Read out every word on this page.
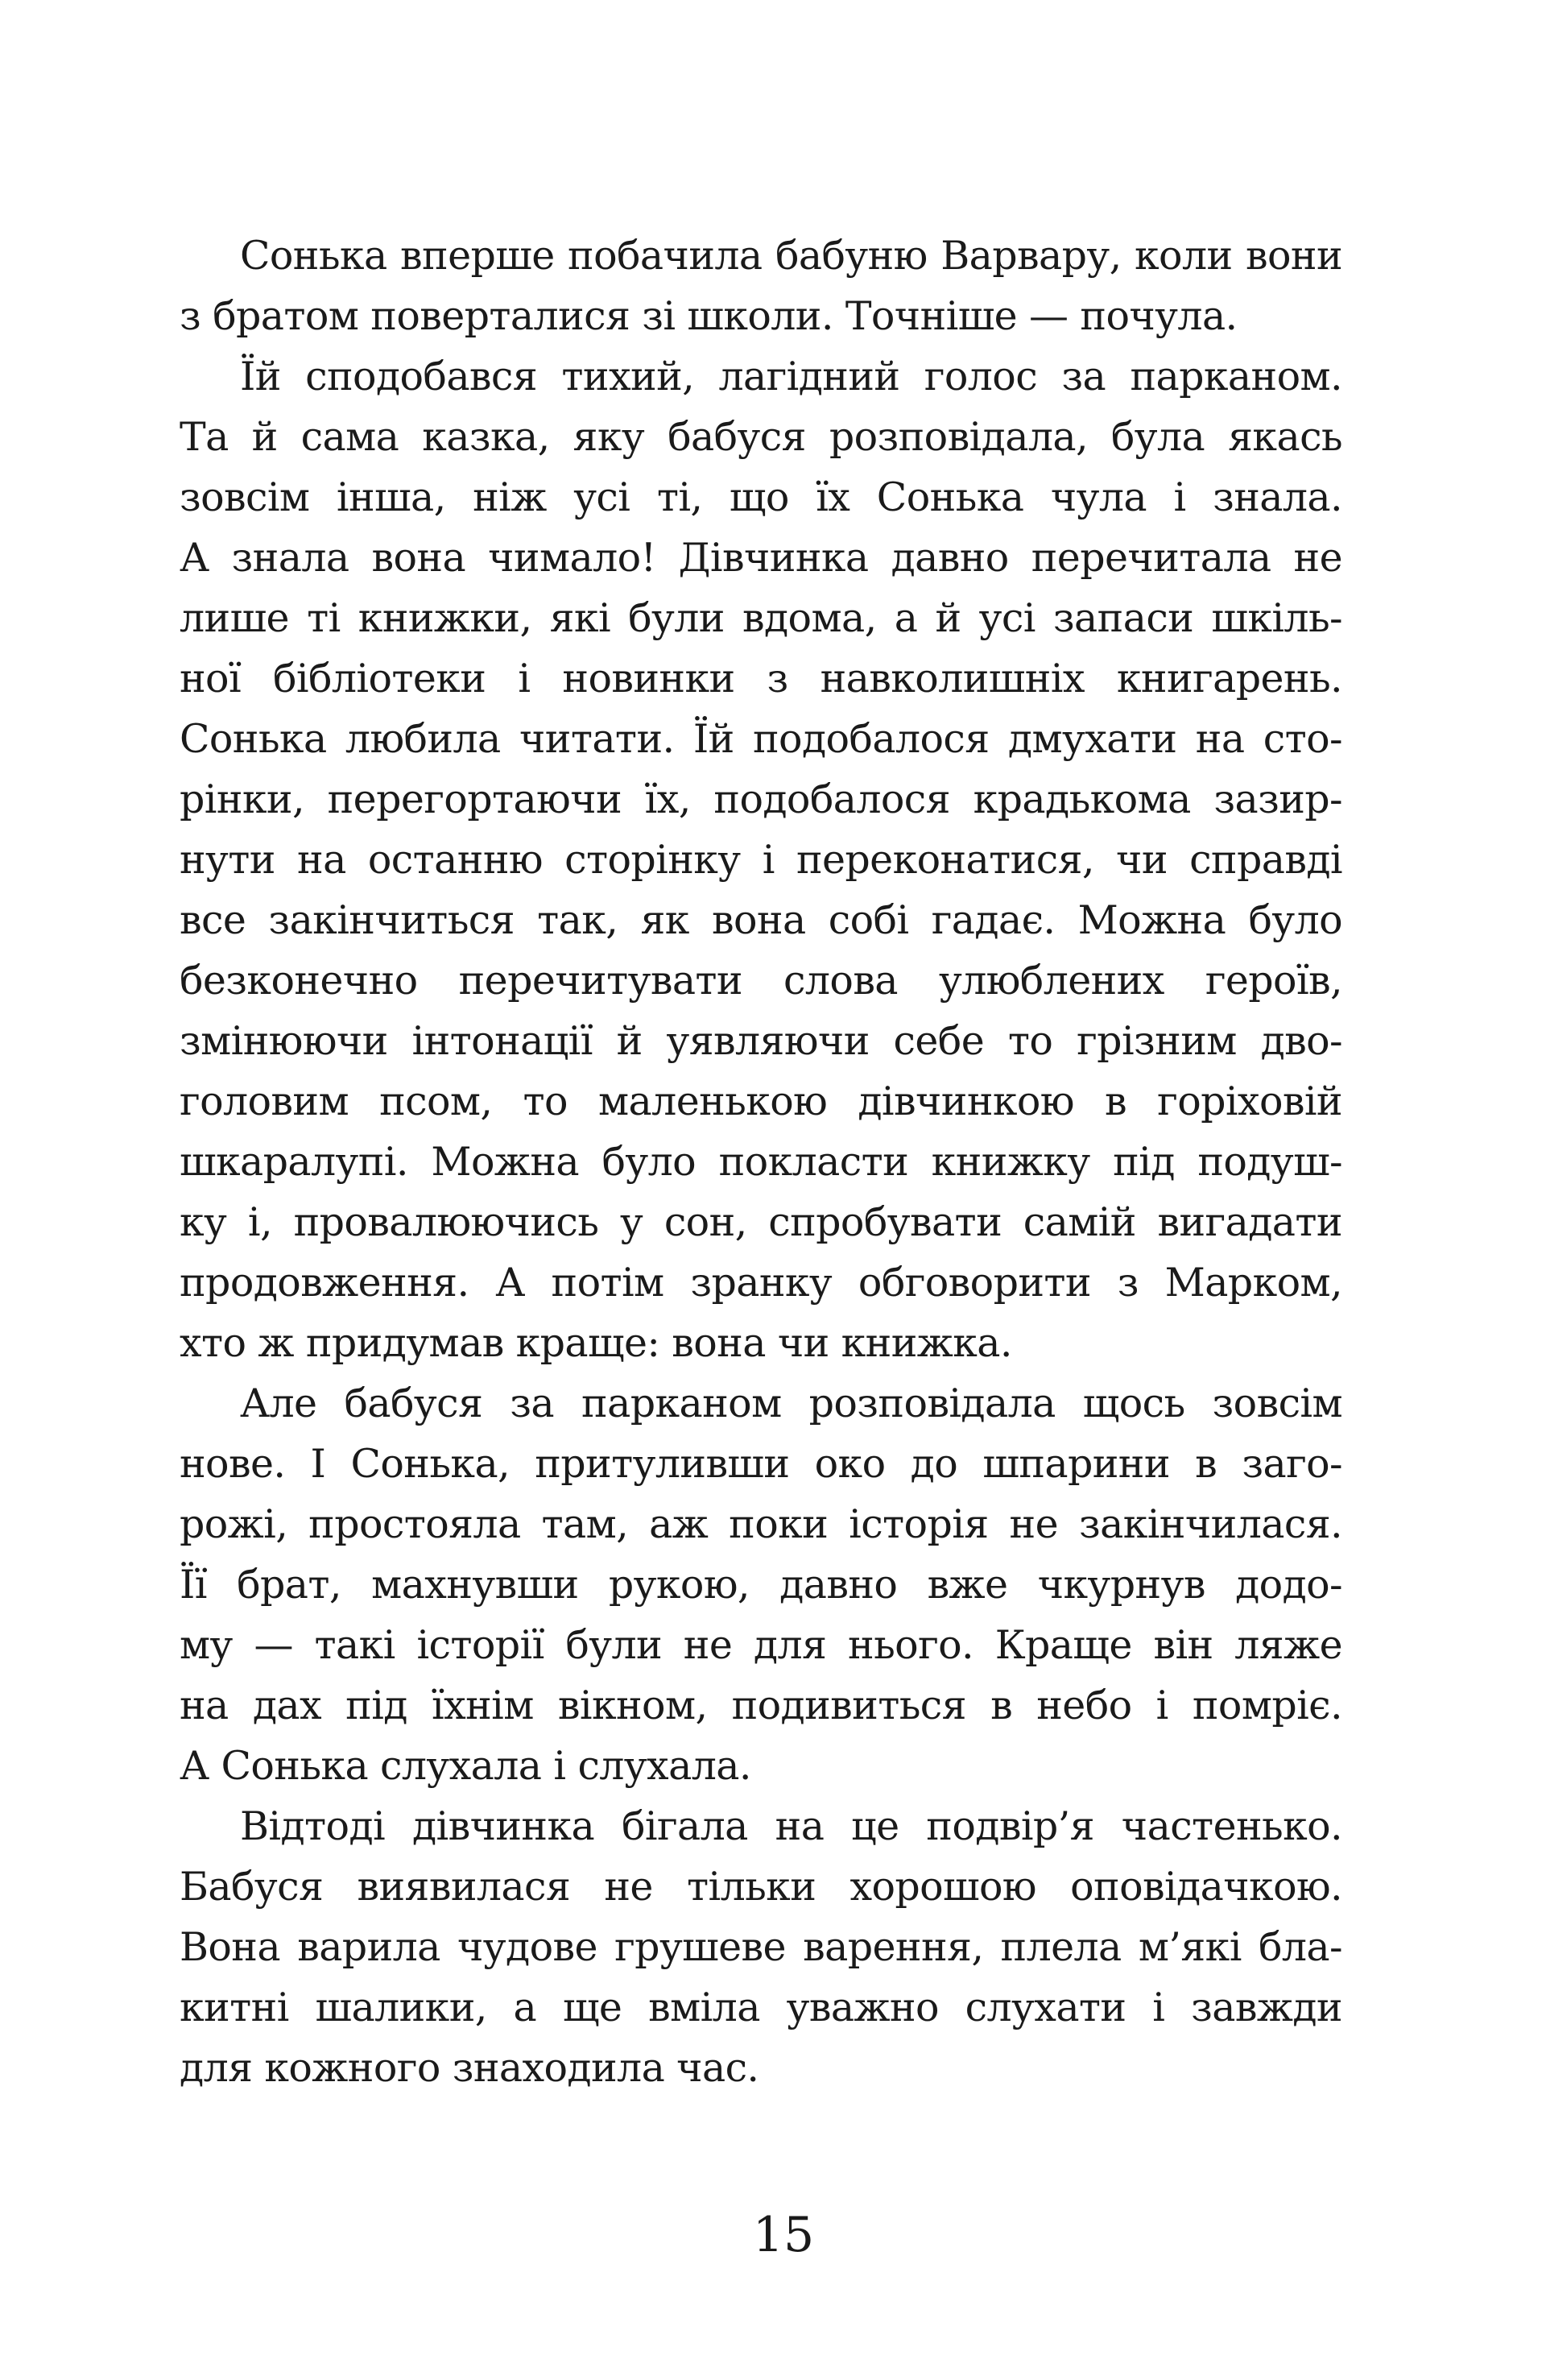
Сонька вперше побачила бабуню Варвару, коли вони
з братом поверталися зі школи. Точніше — почула.

Їй сподобався тихий, лагідний голос за парканом.
Та й сама казка, яку бабуся розповідала, була якась
зовсім інша, ніж усі ті, що їх Сонька чула і знала.
А знала вона чимало! Дівчинка давно перечитала не
лише ті книжки, які були вдома, а й усі запаси шкіль-
ної бібліотеки і новинки з навколишніх книгарень.
Сонька любила читати. Їй подобалося дмухати на сто-
рінки, перегортаючи їх, подобалося крадькома зазир-
нути на останню сторінку і переконатися, чи справді
все закінчиться так, як вона собі гадає. Можна було
безконечно перечитувати слова улюблених героїв,
змінюючи інтонації й уявляючи себе то грізним дво-
головим псом, то маленькою дівчинкою в горіховій
шкаралупі. Можна було покласти книжку під подуш-
ку і, провалюючись у сон, спробувати самій вигадати
продовження. А потім зранку обговорити з Марком,
хто ж придумав краще: вона чи книжка.

Але бабуся за парканом розповідала щось зовсім
нове. І Сонька, притуливши око до шпарини в заго-
рожі, простояла там, аж поки історія не закінчилася.
Її брат, махнувши рукою, давно вже чкурнув додо-
му — такі історії були не для нього. Краще він ляже
на дах під їхнім вікном, подивиться в небо і помріє.
А Сонька слухала і слухала.

Відтоді дівчинка бігала на це подвір’я частенько.
Бабуся виявилася не тільки хорошою оповідачкою.
Вона варила чудове грушеве варення, плела м’які бла-
китні шалики, а ще вміла уважно слухати і завжди
для кожного знаходила час.

15
